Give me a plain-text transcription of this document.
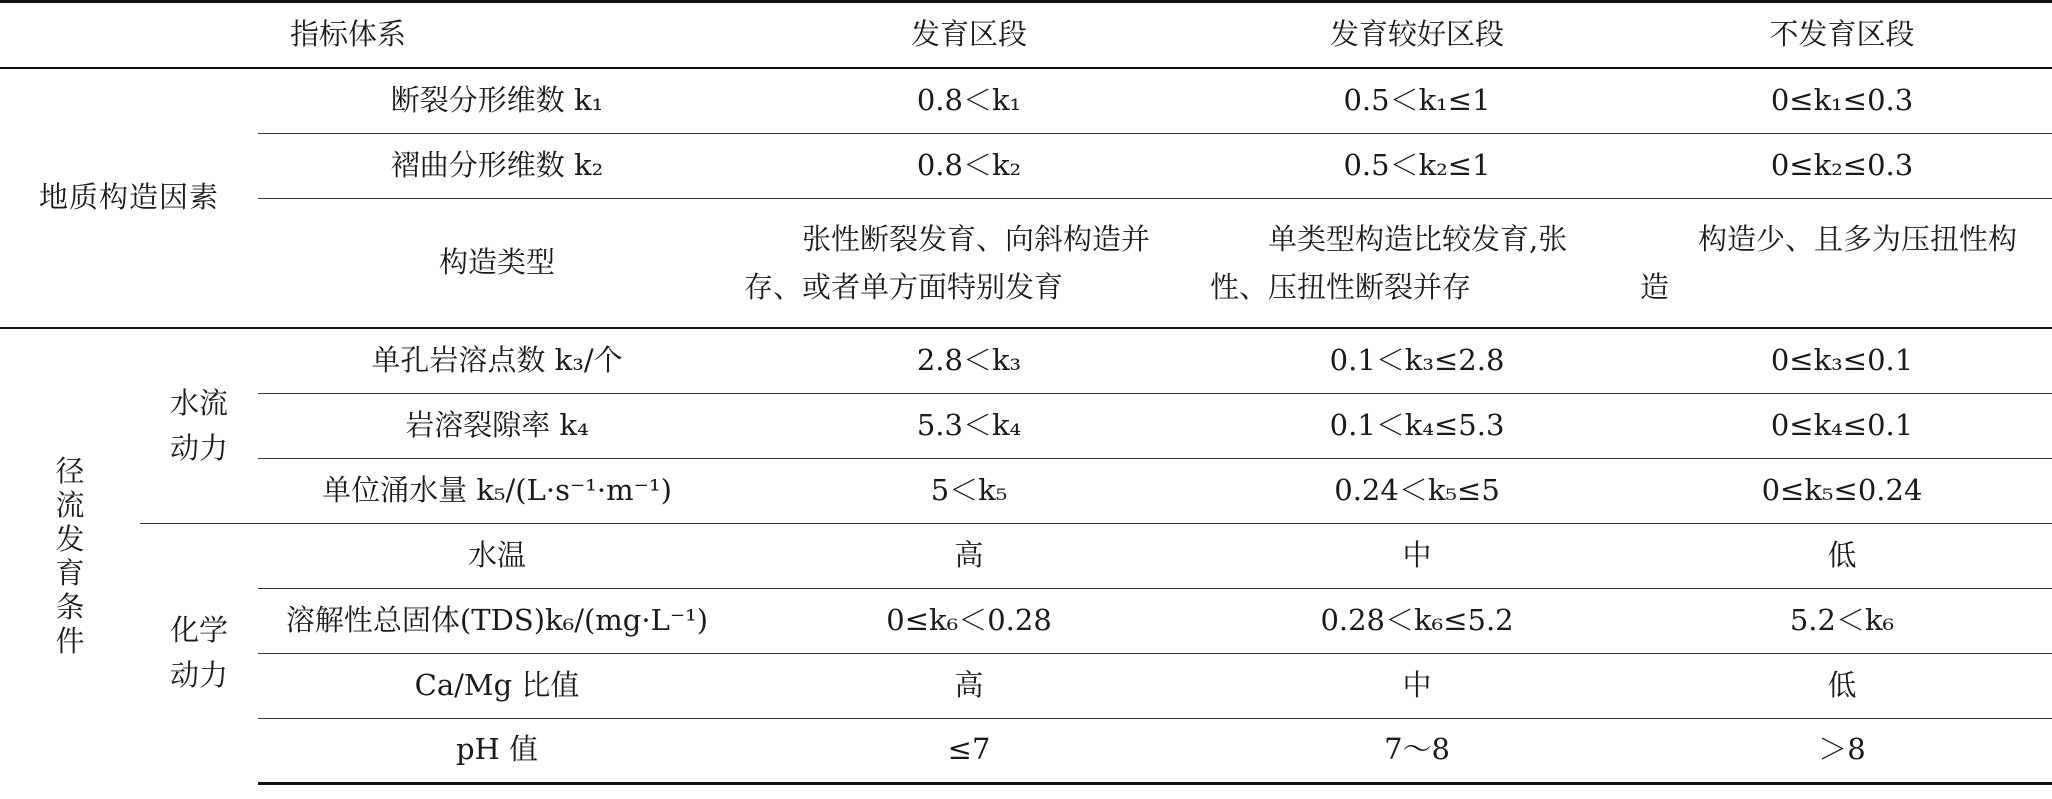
指标体系			发育区段	发育较好区段	不发育区段
地质构造因素		断裂分形维数 k₁	0.8＜k₁	0.5＜k₁≤1	0≤k₁≤0.3
		褶曲分形维数 k₂	0.8＜k₂	0.5＜k₂≤1	0≤k₂≤0.3
		构造类型	张性断裂发育、向斜构造并存、或者单方面特别发育	单类型构造比较发育,张性、压扭性断裂并存	构造少、且多为压扭性构造

径流发育条件	水流动力	单孔岩溶点数 k₃/个	2.8＜k₃	0.1＜k₃≤2.8	0≤k₃≤0.1
		岩溶裂隙率 k₄	5.3＜k₄	0.1＜k₄≤5.3	0≤k₄≤0.1
		单位涌水量 k₅/(L·s⁻¹·m⁻¹)	5＜k₅	0.24＜k₅≤5	0≤k₅≤0.24
	化学动力	水温	高	中	低
		溶解性总固体(TDS)k₆/(mg·L⁻¹)	0≤k₆＜0.28	0.28＜k₆≤5.2	5.2＜k₆
		Ca/Mg 比值	高	中	低
		pH 值	≤7	7～8	＞8
